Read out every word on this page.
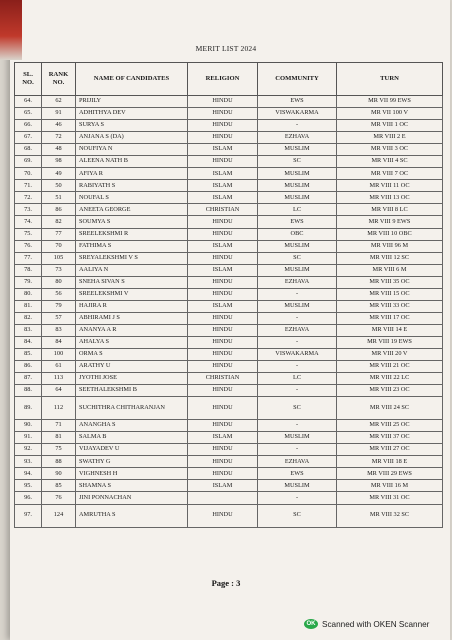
MERIT LIST 2024
SL. NO.	RANK NO.	NAME OF CANDIDATES	RELIGION	COMMUNITY	TURN
64.	62	PRIJILY	HINDU	EWS	MR VII 99 EWS
65.	91	ADHITHYA DEV	HINDU	VISWAKARMA	MR VII 100 V
66.	46	SURYA S	HINDU	-	MR VIII 1 OC
67.	72	ANJANA S (DA)	HINDU	EZHAVA	MR VIII 2 E
68.	48	NOUFIYA N	ISLAM	MUSLIM	MR VIII 3 OC
69.	98	ALEENA NATH B	HINDU	SC	MR VIII 4 SC
70.	49	AFIYA R	ISLAM	MUSLIM	MR VIII 7 OC
71.	50	RABIYATH S	ISLAM	MUSLIM	MR VIII 11 OC
72.	51	NOUFAL S	ISLAM	MUSLIM	MR VIII 13 OC
73.	86	ANEETA GEORGE	CHRISTIAN	LC	MR VIII 8 LC
74.	82	SOUMYA S	HINDU	EWS	MR VIII 9 EWS
75.	77	SREELEKSHMI R	HINDU	OBC	MR VIII 10 OBC
76.	70	FATHIMA S	ISLAM	MUSLIM	MR VIII 96 M
77.	105	SREYALEKSHMI V S	HINDU	SC	MR VIII 12 SC
78.	73	AALIYA N	ISLAM	MUSLIM	MR VIII 6 M
79.	80	SNEHA SIVAN S	HINDU	EZHAVA	MR VIII 35 OC
80.	56	SREELEKSHMI V	HINDU	-	MR VIII 15 OC
81.	79	HAJIRA R	ISLAM	MUSLIM	MR VIII 33 OC
82.	57	ABHIRAMI J S	HINDU	-	MR VIII 17 OC
83.	83	ANANYA A R	HINDU	EZHAVA	MR VIII 14 E
84.	84	AHALYA S	HINDU	-	MR VIII 19 EWS
85.	100	ORMA S	HINDU	VISWAKARMA	MR VIII 20 V
86.	61	ARATHY U	HINDU	-	MR VIII 21 OC
87.	113	JYOTHI JOSE	CHRISTIAN	LC	MR VIII 22 LC
88.	64	SEETHALEKSHMI B	HINDU	-	MR VIII 23 OC
89.	112	SUCHITHRA CHITHARANJAN	HINDU	SC	MR VIII 24 SC
90.	71	ANANGHA S	HINDU	-	MR VIII 25 OC
91.	81	SALMA B	ISLAM	MUSLIM	MR VIII 37 OC
92.	75	VIJAYADEV U	HINDU	-	MR VIII 27 OC
93.	88	SWATHY G	HINDU	EZHAVA	MR VIII 18 E
94.	90	VIGHNESH H	HINDU	EWS	MR VIII 29 EWS
95.	85	SHAMNA S	ISLAM	MUSLIM	MR VIII 16 M
96.	76	JINI PONNACHAN		-	MR VIII 31 OC
97.	124	AMRUTHA S	HINDU	SC	MR VIII 32 SC
Page : 3
OK Scanned with OKEN Scanner
